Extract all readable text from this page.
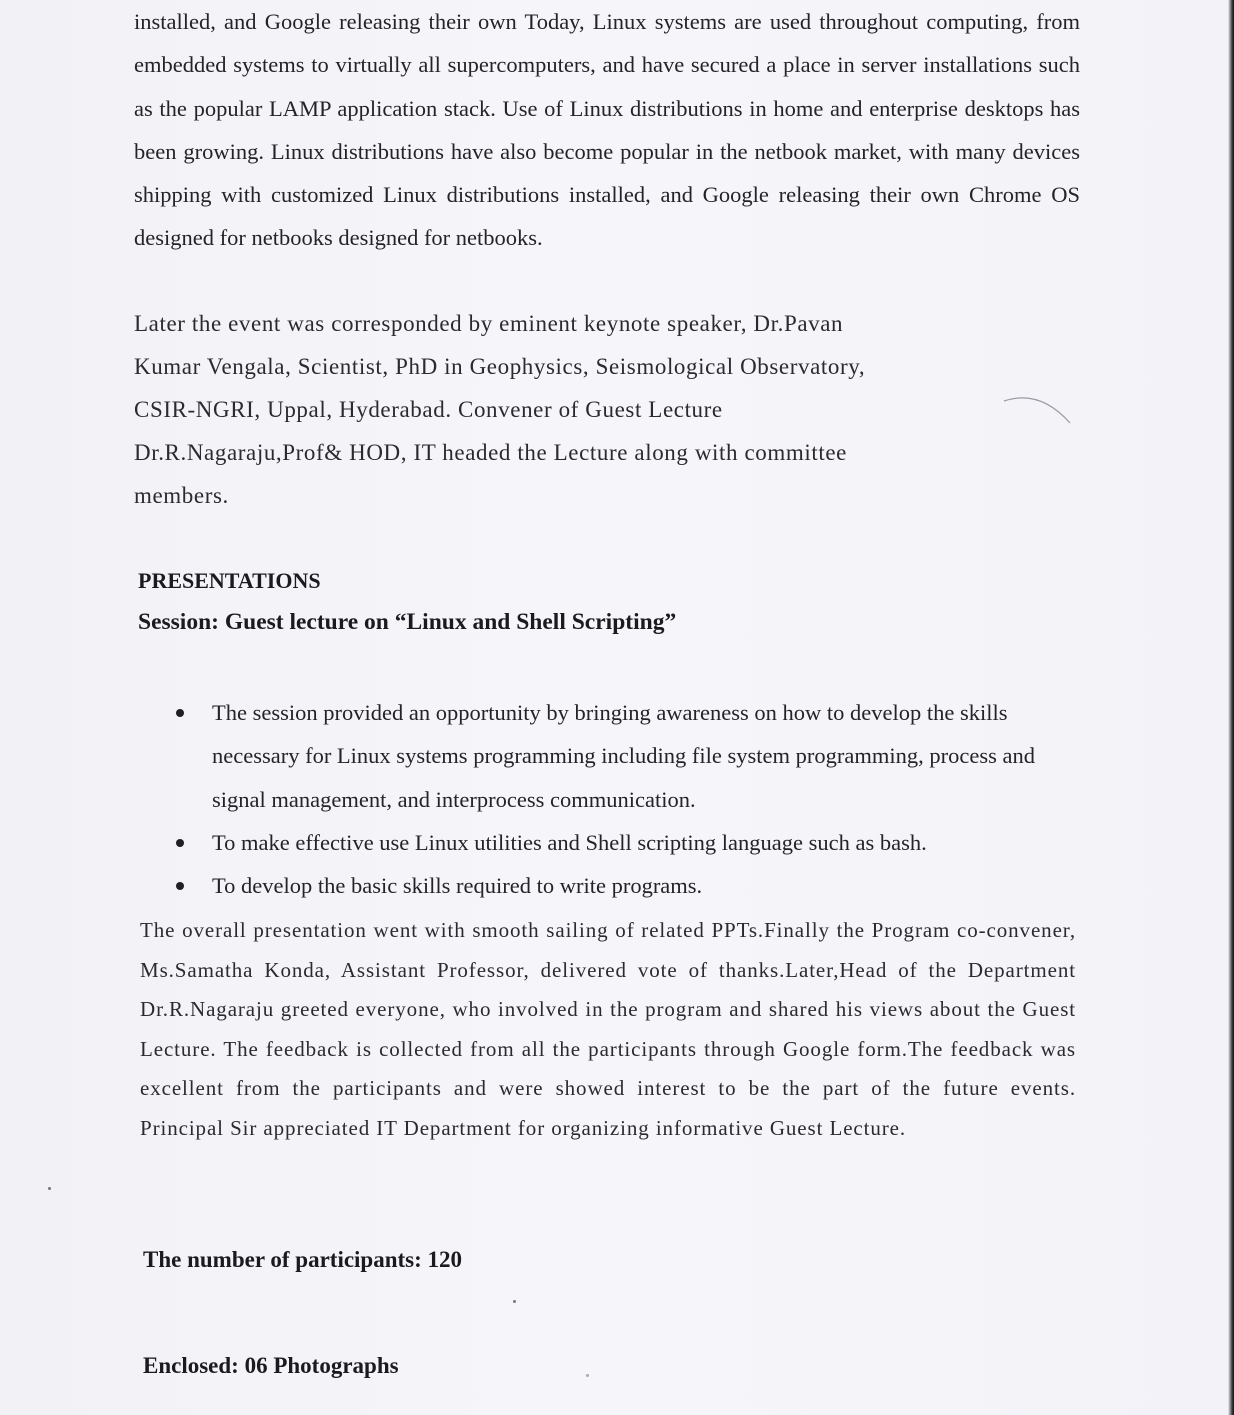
installed, and Google releasing their own Today, Linux systems are used throughout computing, from embedded systems to virtually all supercomputers, and have secured a place in server installations such as the popular LAMP application stack. Use of Linux distributions in home and enterprise desktops has been growing. Linux distributions have also become popular in the netbook market, with many devices shipping with customized Linux distributions installed, and Google releasing their own Chrome OS designed for netbooks designed for netbooks.

Later the event was corresponded by eminent keynote speaker, Dr.Pavan

Kumar Vengala, Scientist, PhD in Geophysics, Seismological Observatory,

CSIR-NGRI, Uppal, Hyderabad. Convener of Guest Lecture

Dr.R.Nagaraju,Prof& HOD, IT headed the Lecture along with committee

members.

PRESENTATIONS

Session: Guest lecture on “Linux and Shell Scripting”

The session provided an opportunity by bringing awareness on how to develop the skills necessary for Linux systems programming including file system programming, process and signal management, and interprocess communication.
To make effective use Linux utilities and Shell scripting language such as bash.
To develop the basic skills required to write programs.

The overall presentation went with smooth sailing of related PPTs.Finally the Program co-convener, Ms.Samatha Konda, Assistant Professor, delivered vote of thanks.Later,Head of the Department Dr.R.Nagaraju greeted everyone, who involved in the program and shared his views about the Guest Lecture. The feedback is collected from all the participants through Google form.The feedback was excellent from the participants and were showed interest to be the part of the future events. Principal Sir appreciated IT Department for organizing informative Guest Lecture.

The number of participants: 120

Enclosed: 06 Photographs
